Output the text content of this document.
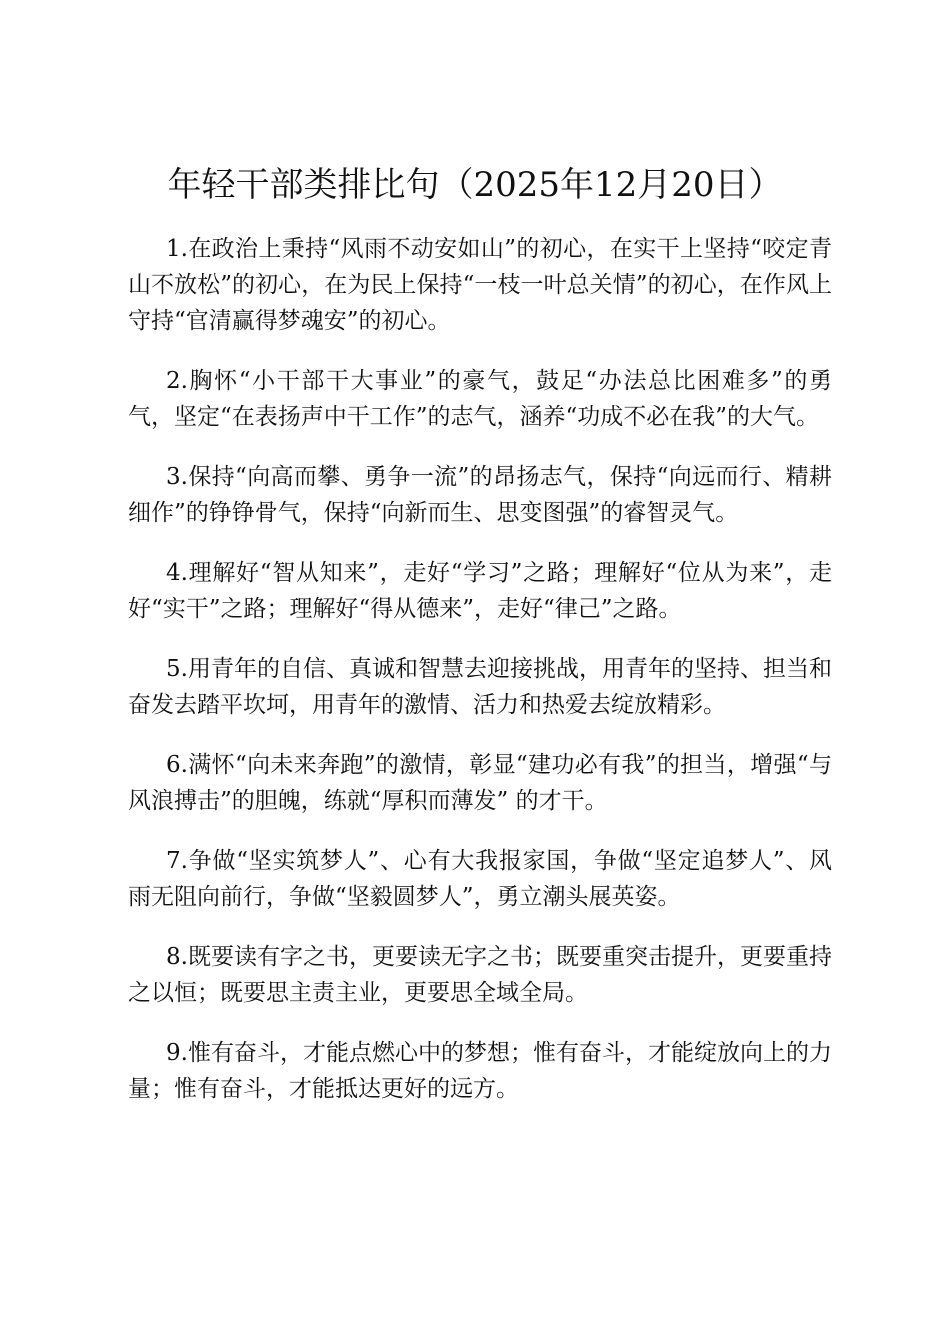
年轻干部类排比句（2025年12月20日）

1.在政治上秉持“风雨不动安如山”的初心，在实干上坚持“咬定青山不放松”的初心，在为民上保持“一枝一叶总关情”的初心，在作风上守持“官清赢得梦魂安”的初心。

2.胸怀“小干部干大事业”的豪气，鼓足“办法总比困难多”的勇气，坚定“在表扬声中干工作”的志气，涵养“功成不必在我”的大气。

3.保持“向高而攀、勇争一流”的昂扬志气，保持“向远而行、精耕细作”的铮铮骨气，保持“向新而生、思变图强”的睿智灵气。

4.理解好“智从知来”，走好“学习”之路；理解好“位从为来”，走好“实干”之路；理解好“得从德来”，走好“律己”之路。

5.用青年的自信、真诚和智慧去迎接挑战，用青年的坚持、担当和奋发去踏平坎坷，用青年的激情、活力和热爱去绽放精彩。

6.满怀“向未来奔跑”的激情，彰显“建功必有我”的担当，增强“与风浪搏击”的胆魄，练就“厚积而薄发” 的才干。

7.争做“坚实筑梦人”、心有大我报家国，争做“坚定追梦人”、风雨无阻向前行，争做“坚毅圆梦人”，勇立潮头展英姿。

8.既要读有字之书，更要读无字之书；既要重突击提升，更要重持之以恒；既要思主责主业，更要思全域全局。

9.惟有奋斗，才能点燃心中的梦想；惟有奋斗，才能绽放向上的力量；惟有奋斗，才能抵达更好的远方。
